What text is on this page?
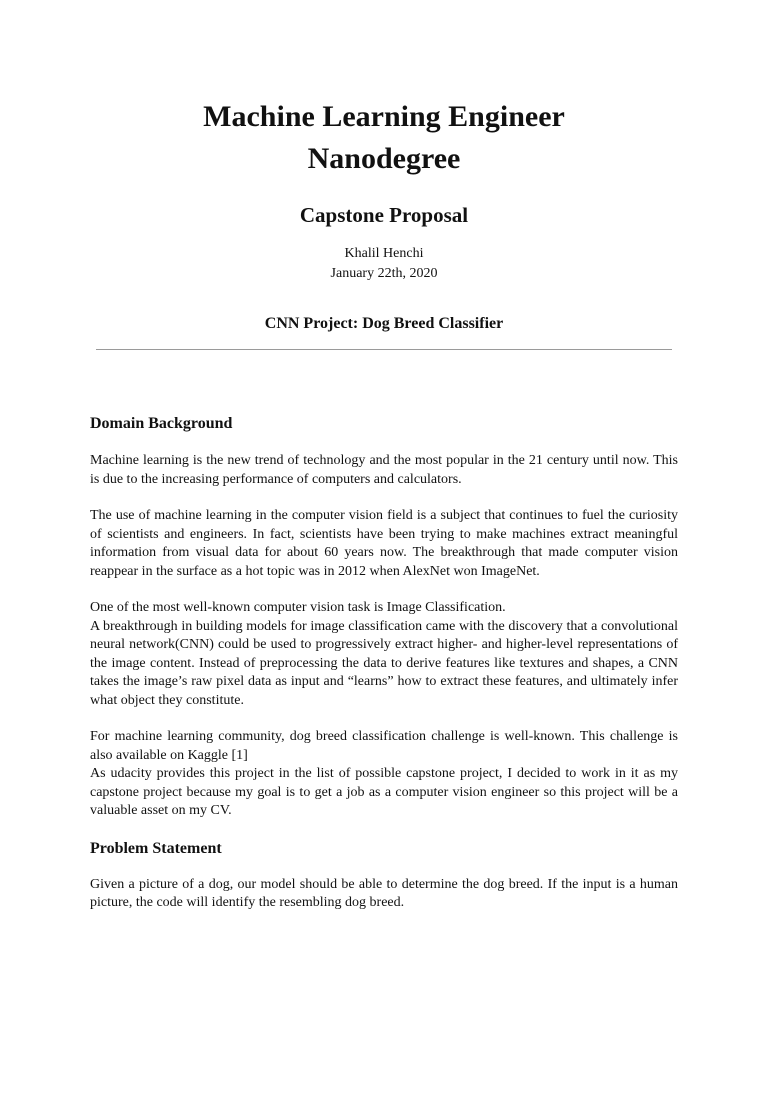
Machine Learning Engineer
Nanodegree
Capstone Proposal
Khalil Henchi
January 22th, 2020
CNN Project: Dog Breed Classifier
Domain Background

Machine learning is the new trend of technology and the most popular in the 21 century until now. This is due to the increasing performance of computers and calculators.

The use of machine learning in the computer vision field is a subject that continues to fuel the curiosity of scientists and engineers. In fact, scientists have been trying to make machines extract meaningful information from visual data for about 60 years now. The breakthrough that made computer vision reappear in the surface as a hot topic was in 2012 when AlexNet won ImageNet.

One of the most well-known computer vision task is Image Classification.

A breakthrough in building models for image classification came with the discovery that a convolutional neural network(CNN) could be used to progressively extract higher- and higher-level representations of the image content. Instead of preprocessing the data to derive features like textures and shapes, a CNN takes the image’s raw pixel data as input and “learns” how to extract these features, and ultimately infer what object they constitute.

For machine learning community, dog breed classification challenge is well-known. This challenge is also available on Kaggle [1]

As udacity provides this project in the list of possible capstone project, I decided to work in it as my capstone project because my goal is to get a job as a computer vision engineer so this project will be a valuable asset on my CV.

Problem Statement

Given a picture of a dog, our model should be able to determine the dog breed. If the input is a human picture, the code will identify the resembling dog breed.
